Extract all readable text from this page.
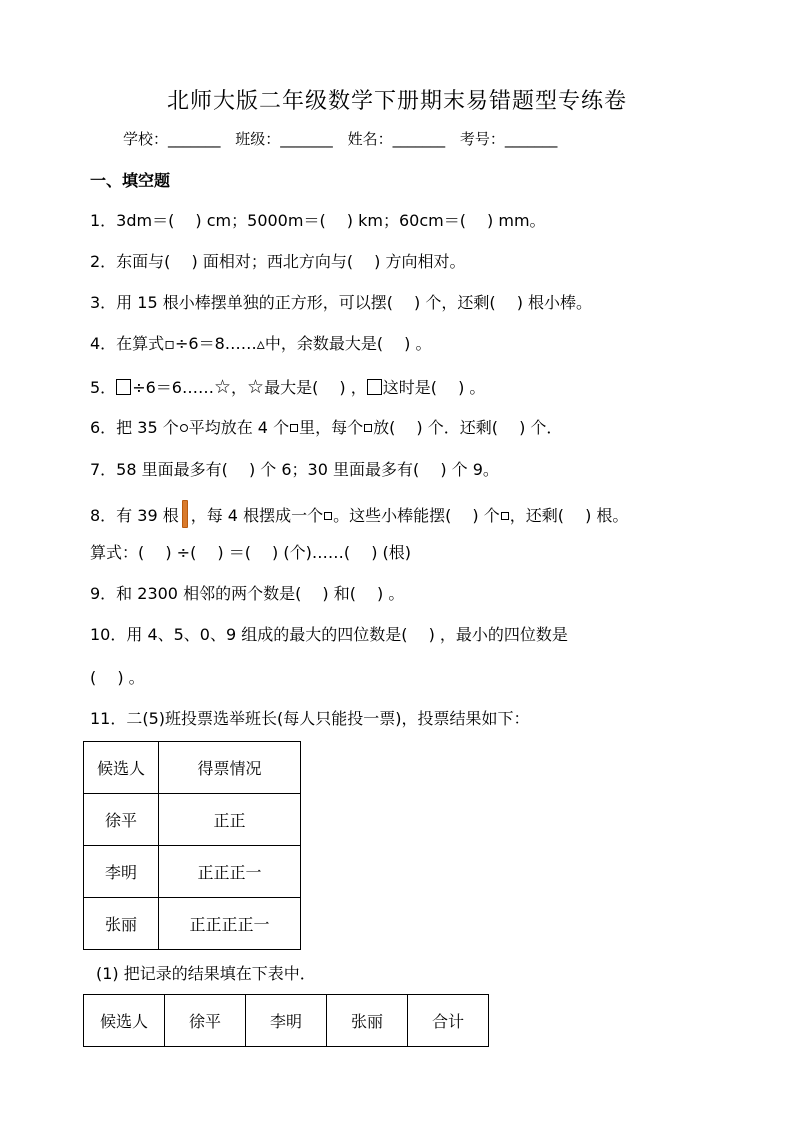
北师大版二年级数学下册期末易错题型专练卷
学校：_______ 班级：_______ 姓名：_______ 考号：_______
一、填空题
1．3dm＝(　 ) cm；5000m＝(　 ) km；60cm＝(　 ) mm。
2．东面与(　 ) 面相对；西北方向与(　 ) 方向相对。
3．用 15 根小棒摆单独的正方形，可以摆(　 ) 个，还剩(　 ) 根小棒。
4．在算式▫÷6＝8……▵中，余数最大是(　 ) 。
5． ÷6＝6……☆，☆最大是(　 ) ， 这时是(　 ) 。
6．把 35 个 平均放在 4 个 里，每个 放(　 ) 个．还剩(　 ) 个．
7．58 里面最多有(　 ) 个 6；30 里面最多有(　 ) 个 9。
8．有 39 根 ，每 4 根摆成一个 。这些小棒能摆(　 ) 个 ，还剩(　 ) 根。
算式：(　 ) ÷(　 ) ＝(　 ) (个)……(　 ) (根)
9．和 2300 相邻的两个数是(　 ) 和(　 ) 。
10．用 4、5、0、9 组成的最大的四位数是(　 ) ，最小的四位数是
(　 ) 。
11．二(5)班投票选举班长(每人只能投一票)，投票结果如下：
候选人	得票情况
徐平	正正
李明	正正正一
张丽	正正正正一
(1) 把记录的结果填在下表中．
候选人	徐平	李明	张丽	合计
